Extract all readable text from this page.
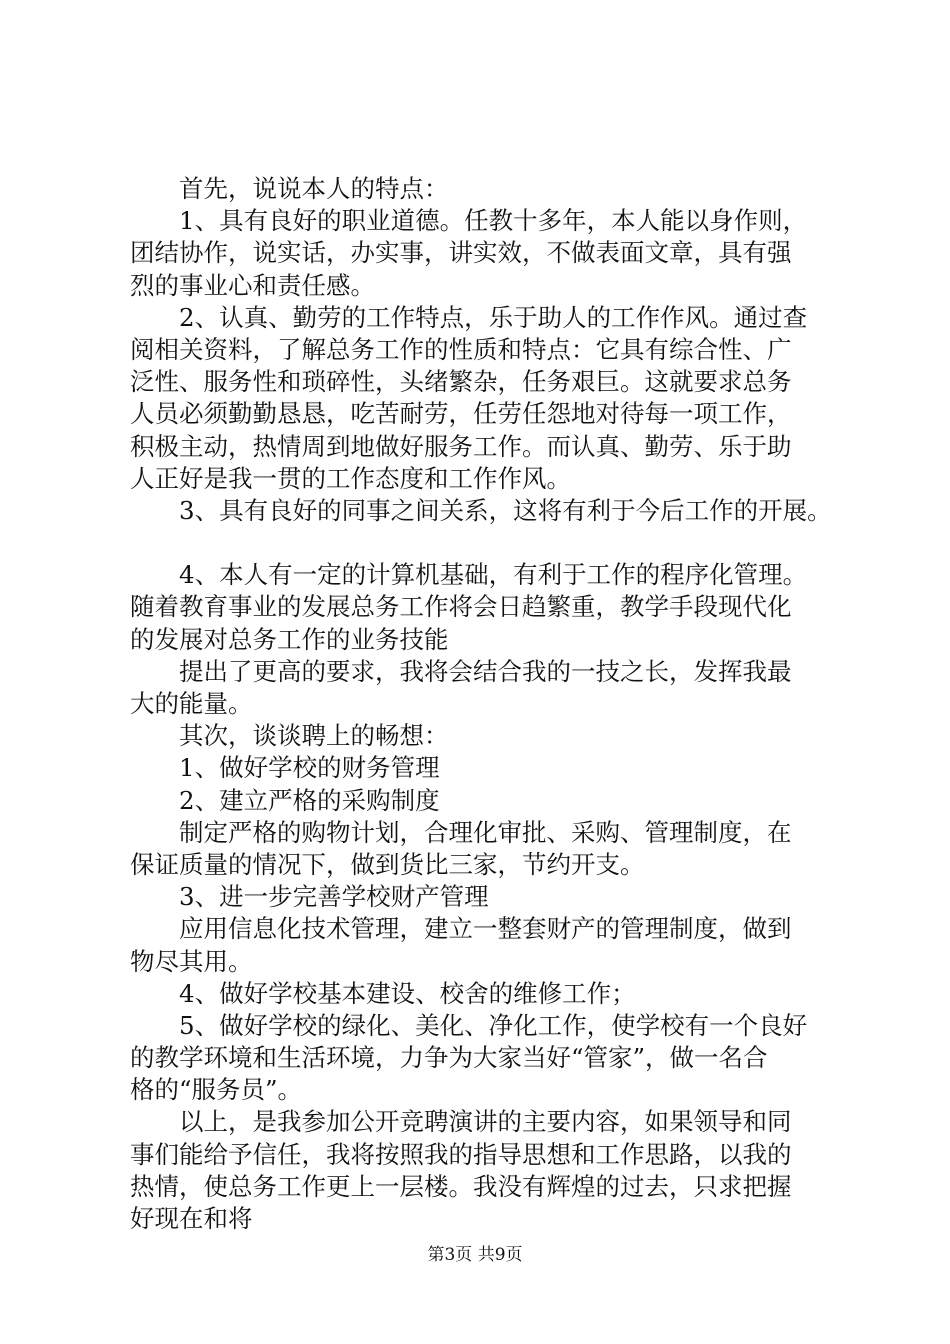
首先，说说本人的特点：
1、具有良好的职业道德。任教十多年，本人能以身作则，
团结协作，说实话，办实事，讲实效，不做表面文章，具有强
烈的事业心和责任感。
2、认真、勤劳的工作特点，乐于助人的工作作风。通过查
阅相关资料，了解总务工作的性质和特点：它具有综合性、广
泛性、服务性和琐碎性，头绪繁杂，任务艰巨。这就要求总务
人员必须勤勤恳恳，吃苦耐劳，任劳任怨地对待每一项工作，
积极主动，热情周到地做好服务工作。而认真、勤劳、乐于助
人正好是我一贯的工作态度和工作作风。
3、具有良好的同事之间关系，这将有利于今后工作的开展。
4、本人有一定的计算机基础，有利于工作的程序化管理。
随着教育事业的发展总务工作将会日趋繁重，教学手段现代化
的发展对总务工作的业务技能
提出了更高的要求，我将会结合我的一技之长，发挥我最
大的能量。
其次，谈谈聘上的畅想：
1、做好学校的财务管理
2、建立严格的采购制度
制定严格的购物计划，合理化审批、采购、管理制度，在
保证质量的情况下，做到货比三家，节约开支。
3、进一步完善学校财产管理
应用信息化技术管理，建立一整套财产的管理制度，做到
物尽其用。
4、做好学校基本建设、校舍的维修工作；
5、做好学校的绿化、美化、净化工作，使学校有一个良好
的教学环境和生活环境，力争为大家当好“管家”，做一名合
格的“服务员”。
以上，是我参加公开竞聘演讲的主要内容，如果领导和同
事们能给予信任，我将按照我的指导思想和工作思路，以我的
热情，使总务工作更上一层楼。我没有辉煌的过去，只求把握
好现在和将
第3页 共9页
